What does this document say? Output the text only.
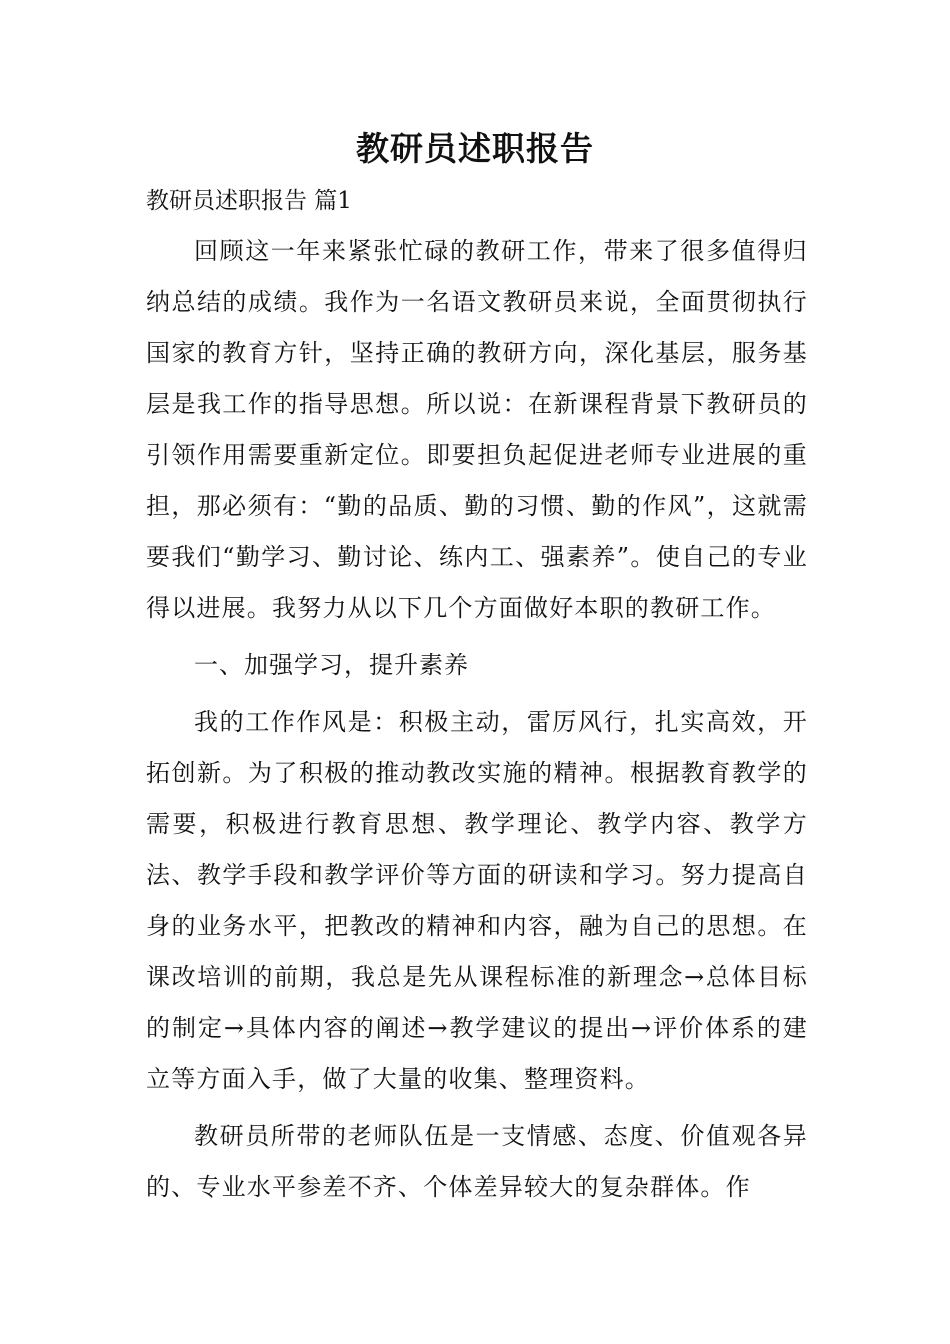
教研员述职报告

教研员述职报告 篇1

回顾这一年来紧张忙碌的教研工作，带来了很多值得归纳总结的成绩。我作为一名语文教研员来说，全面贯彻执行国家的教育方针，坚持正确的教研方向，深化基层，服务基层是我工作的指导思想。所以说：在新课程背景下教研员的引领作用需要重新定位。即要担负起促进老师专业进展的重担，那必须有：“勤的品质、勤的习惯、勤的作风”，这就需要我们“勤学习、勤讨论、练内工、强素养”。使自己的专业得以进展。我努力从以下几个方面做好本职的教研工作。

一、加强学习，提升素养

我的工作作风是：积极主动，雷厉风行，扎实高效，开拓创新。为了积极的推动教改实施的精神。根据教育教学的需要，积极进行教育思想、教学理论、教学内容、教学方法、教学手段和教学评价等方面的研读和学习。努力提高自身的业务水平，把教改的精神和内容，融为自己的思想。在课改培训的前期，我总是先从课程标准的新理念→总体目标的制定→具体内容的阐述→教学建议的提出→评价体系的建立等方面入手，做了大量的收集、整理资料。

教研员所带的老师队伍是一支情感、态度、价值观各异的、专业水平参差不齐、个体差异较大的复杂群体。作
